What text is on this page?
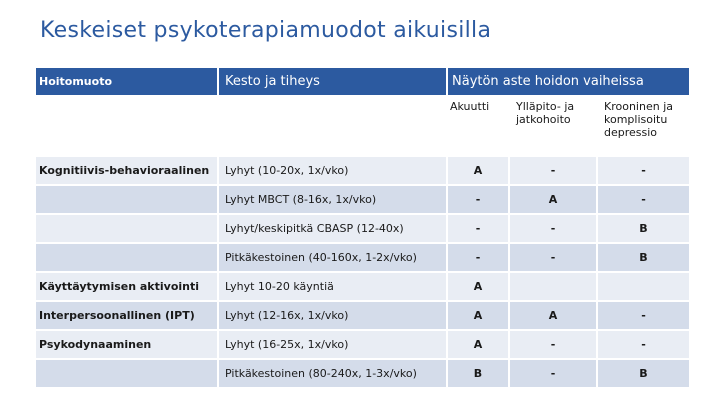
Keskeiset psykoterapiamuodot aikuisilla
Hoitomuoto	Kesto ja tiheys	Näytön aste hoidon vaiheissa		
		Akuutti	Ylläpito- ja jatkohoito	Krooninen ja komplisoitu depressio
Kognitiivis-behavioraalinen	Lyhyt (10-20x, 1x/vko)	A	-	-
	Lyhyt MBCT (8-16x, 1x/vko)	-	A	-
	Lyhyt/keskipitkä CBASP (12-40x)	-	-	B
	Pitkäkestoinen (40-160x, 1-2x/vko)	-	-	B
Käyttäytymisen aktivointi	Lyhyt 10-20 käyntiä	A		
Interpersoonallinen (IPT)	Lyhyt (12-16x, 1x/vko)	A	A	-
Psykodynaaminen	Lyhyt (16-25x, 1x/vko)	A	-	-
	Pitkäkestoinen (80-240x, 1-3x/vko)	B	-	B
